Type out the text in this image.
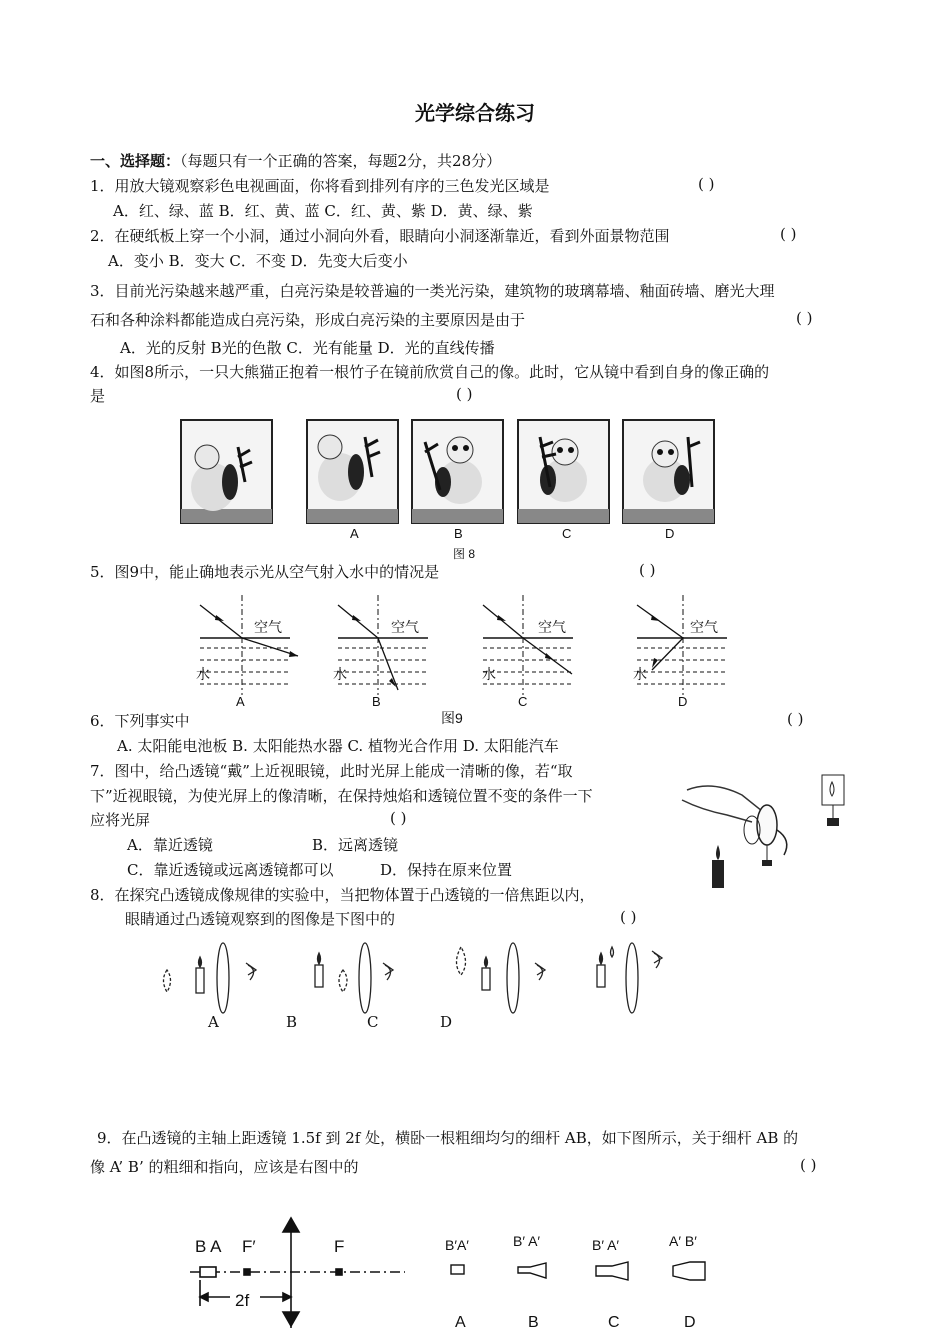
光学综合练习
一、选择题：（每题只有一个正确的答案，每题2分，共28分）
1．用放大镜观察彩色电视画面，你将看到排列有序的三色发光区域是	( )
A．红、绿、蓝 B．红、黄、蓝 C．红、黄、紫 D．黄、绿、紫
2．在硬纸板上穿一个小洞，通过小洞向外看，眼睛向小洞逐渐靠近，看到外面景物范围	( )
A．变小 B．变大 C．不变 D．先变大后变小
3．目前光污染越来越严重，白亮污染是较普遍的一类光污染，建筑物的玻璃幕墙、釉面砖墙、磨光大理
石和各种涂料都能造成白亮污染，形成白亮污染的主要原因是由于	( )
A．光的反射 B光的色散 C．光有能量 D．光的直线传播
4．如图8所示，一只大熊猫正抱着一根竹子在镜前欣赏自己的像。此时，它从镜中看到自身的像正确的
是	( )
A	B	C	D
图 8
5．图9中，能止确地表示光从空气射入水中的情况是	( )
空气	空气	空气	空气
水	水	水	水
A	B	C	D
图9
6．下列事实中	( )
A. 太阳能电池板 B. 太阳能热水器 C. 植物光合作用 D. 太阳能汽车
7．图中，给凸透镜“戴”上近视眼镜，此时光屏上能成一清晰的像，若“取
下”近视眼镜，为使光屏上的像清晰，在保持烛焰和透镜位置不变的条件一下
应将光屏	( )
A．靠近透镜	B．远离透镜
C．靠近透镜或远离透镜都可以	D．保持在原来位置
8．在探究凸透镜成像规律的实验中，当把物体置于凸透镜的一倍焦距以内，
眼睛通过凸透镜观察到的图像是下图中的	( )
A	B	C	D
9．在凸透镜的主轴上距透镜 1.5f 到 2f 处，横卧一根粗细均匀的细杆 AB，如下图所示，关于细杆 AB 的
像 A’ B’ 的粗细和指向，应该是右图中的	( )
B A F′	F
2f
B′A′	B′ A′	B′ A′	A′ B′
A	B	C	D
